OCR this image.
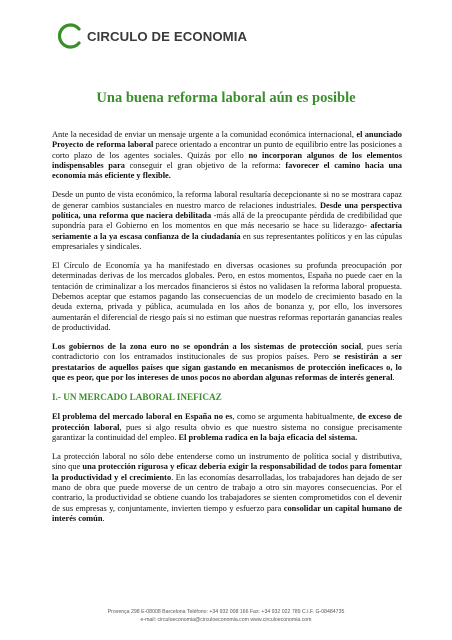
CIRCULO DE ECONOMIA
Una buena reforma laboral aún es posible

Ante la necesidad de enviar un mensaje urgente a la comunidad económica internacional, el anunciado Proyecto de reforma laboral parece orientado a encontrar un punto de equilibrio entre las posiciones a corto plazo de los agentes sociales. Quizás por ello no incorporan algunos de los elementos indispensables para conseguir el gran objetivo de la reforma: favorecer el camino hacia una economía más eficiente y flexible.

Desde un punto de vista económico, la reforma laboral resultaría decepcionante si no se mostrara capaz de generar cambios sustanciales en nuestro marco de relaciones industriales. Desde una perspectiva política, una reforma que naciera debilitada -más allá de la preocupante pérdida de credibilidad que supondría para el Gobierno en los momentos en que más necesario se hace su liderazgo- afectaría seriamente a la ya escasa confianza de la ciudadanía en sus representantes políticos y en las cúpulas empresariales y sindicales.

El Círculo de Economía ya ha manifestado en diversas ocasiones su profunda preocupación por determinadas derivas de los mercados globales. Pero, en estos momentos, España no puede caer en la tentación de criminalizar a los mercados financieros si éstos no validasen la reforma laboral propuesta. Debemos aceptar que estamos pagando las consecuencias de un modelo de crecimiento basado en la deuda externa, privada y pública, acumulada en los años de bonanza y, por ello, los inversores aumentarán el diferencial de riesgo país si no estiman que nuestras reformas reportarán ganancias reales de productividad.

Los gobiernos de la zona euro no se opondrán a los sistemas de protección social, pues sería contradictorio con los entramados institucionales de sus propios países. Pero se resistirán a ser prestatarios de aquellos países que sigan gastando en mecanismos de protección ineficaces o, lo que es peor, que por los intereses de unos pocos no abordan algunas reformas de interés general.

I.- UN MERCADO LABORAL INEFICAZ

El problema del mercado laboral en España no es, como se argumenta habitualmente, de exceso de protección laboral, pues si algo resulta obvio es que nuestro sistema no consigue precisamente garantizar la continuidad del empleo. El problema radica en la baja eficacia del sistema.

La protección laboral no sólo debe entenderse como un instrumento de política social y distributiva, sino que una protección rigurosa y eficaz debería exigir la responsabilidad de todos para fomentar la productividad y el crecimiento. En las economías desarrolladas, los trabajadores han dejado de ser mano de obra que puede moverse de un centro de trabajo a otro sin mayores consecuencias. Por el contrario, la productividad se obtiene cuando los trabajadores se sienten comprometidos con el devenir de sus empresas y, conjuntamente, invierten tiempo y esfuerzo para consolidar un capital humano de interés común.

Provença 298 E-08008 Barcelona Teléfono: +34 932 008 166 Fax: +34 932 022 789 C.I.F. G-08484735
e-mail: circuloeconomia@circuloeconomia.com www.circuloeconomia.com
